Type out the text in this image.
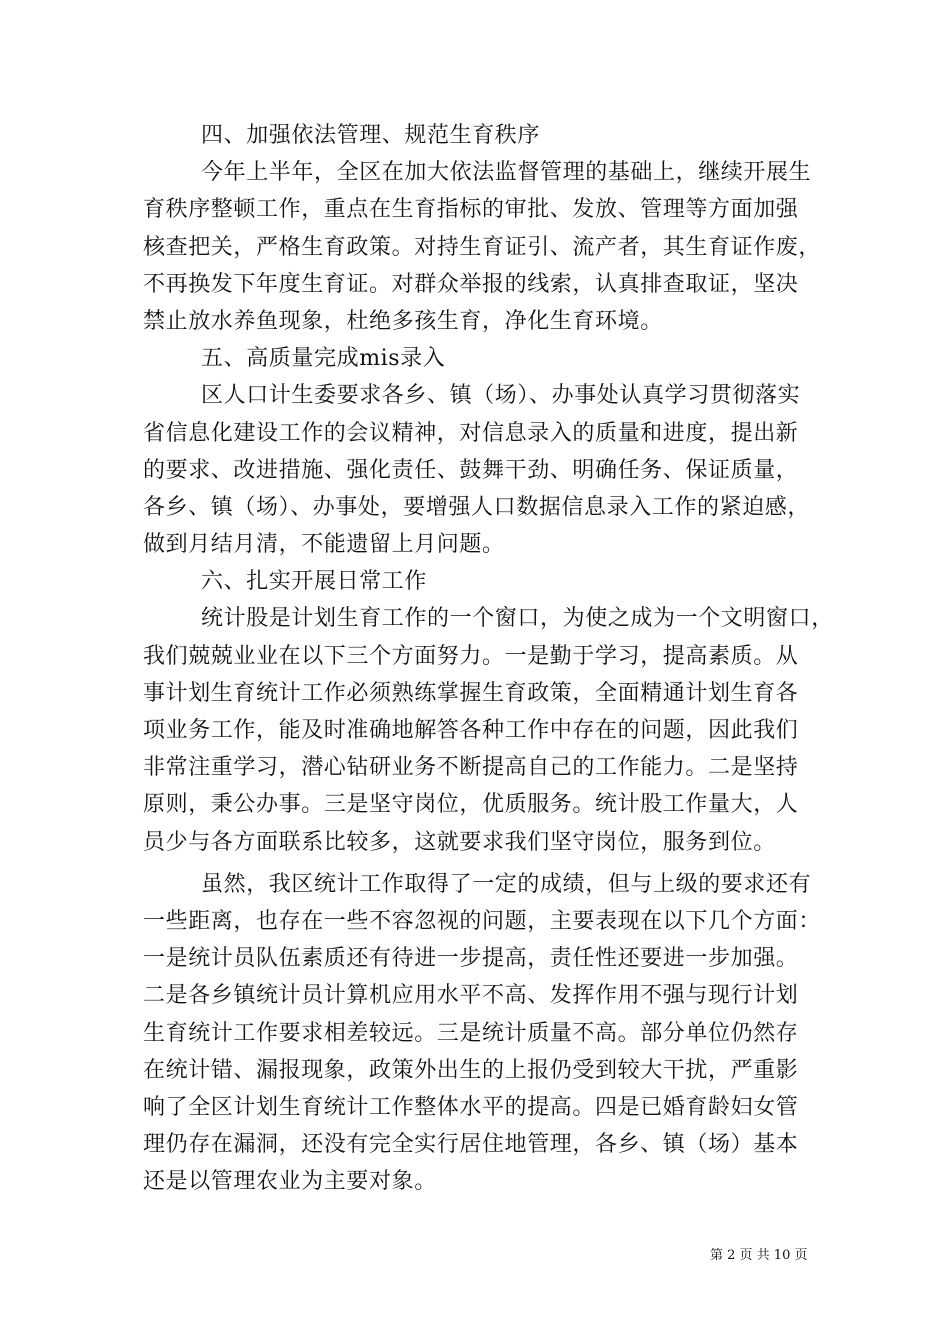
四、加强依法管理、规范生育秩序
今年上半年，全区在加大依法监督管理的基础上，继续开展生
育秩序整顿工作，重点在生育指标的审批、发放、管理等方面加强
核查把关，严格生育政策。对持生育证引、流产者，其生育证作废，
不再换发下年度生育证。对群众举报的线索，认真排查取证，坚决
禁止放水养鱼现象，杜绝多孩生育，净化生育环境。
五、高质量完成mis录入
区人口计生委要求各乡、镇（场）、办事处认真学习贯彻落实
省信息化建设工作的会议精神，对信息录入的质量和进度，提出新
的要求、改进措施、强化责任、鼓舞干劲、明确任务、保证质量，
各乡、镇（场）、办事处，要增强人口数据信息录入工作的紧迫感，
做到月结月清，不能遗留上月问题。
六、扎实开展日常工作
统计股是计划生育工作的一个窗口，为使之成为一个文明窗口，
我们兢兢业业在以下三个方面努力。一是勤于学习，提高素质。从
事计划生育统计工作必须熟练掌握生育政策，全面精通计划生育各
项业务工作，能及时准确地解答各种工作中存在的问题，因此我们
非常注重学习，潜心钻研业务不断提高自己的工作能力。二是坚持
原则，秉公办事。三是坚守岗位，优质服务。统计股工作量大，人
员少与各方面联系比较多，这就要求我们坚守岗位，服务到位。
虽然，我区统计工作取得了一定的成绩，但与上级的要求还有
一些距离，也存在一些不容忽视的问题，主要表现在以下几个方面：
一是统计员队伍素质还有待进一步提高，责任性还要进一步加强。
二是各乡镇统计员计算机应用水平不高、发挥作用不强与现行计划
生育统计工作要求相差较远。三是统计质量不高。部分单位仍然存
在统计错、漏报现象，政策外出生的上报仍受到较大干扰，严重影
响了全区计划生育统计工作整体水平的提高。四是已婚育龄妇女管
理仍存在漏洞，还没有完全实行居住地管理，各乡、镇（场）基本
还是以管理农业为主要对象。
第 2 页 共 10 页
